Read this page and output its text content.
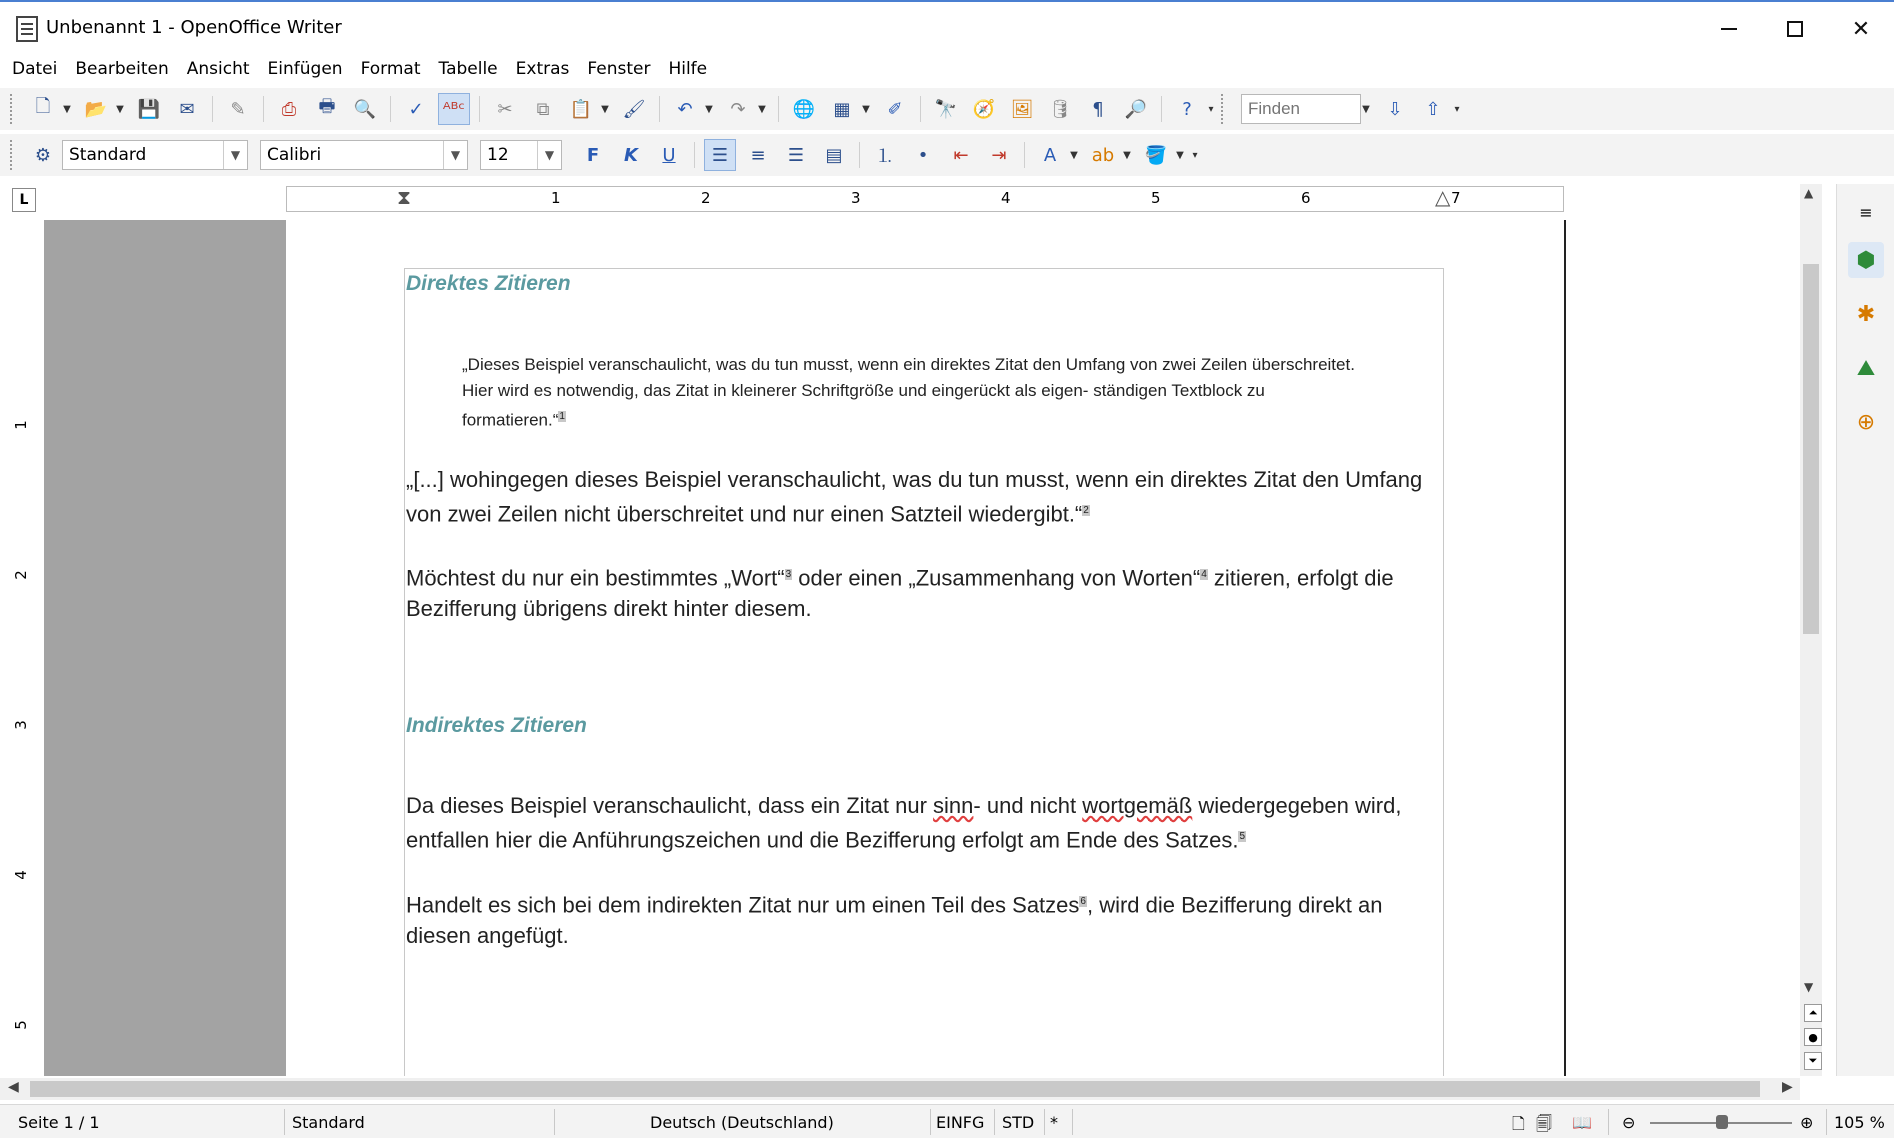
Unbenannt 1 - OpenOffice Writer	✕
Datei Bearbeiten Ansicht Einfügen Format Tabelle Extras Fenster Hilfe
🗋	▼ 📂 ▼ 💾	✉	✎	⎙	🖶	🔍	✓	ᴬᴮᶜ	✂	⧉	📋 ▼ 🖌	↶	▼ ↷	▼ 🌐	▦	▼ ✐	🔭 🧭 🖼 🛢	¶	🔎	?	▾
Finden	▼ ⇩	⇧	▾
⚙	Standard	▼	Calibri	▼	12	▼	F	K	U	☰	≡	☰	▤	⒈	•	⇤	⇥	A	▼ ab ▼ 🪣 ▼ ▾
L	1	2	3	4	5	6	7
⧗	△
1
2
3
4
5
Direktes Zitieren
„Dieses Beispiel veranschaulicht, was du tun musst, wenn ein direktes Zitat den Umfang von zwei Zeilen überschreitet. Hier wird es notwendig, das Zitat in kleinerer Schriftgröße und eingerückt als eigen- ständigen Textblock zu formatieren.“$^1$
„[...] wohingegen dieses Beispiel veranschaulicht, was du tun musst, wenn ein direktes Zitat den Umfang von zwei Zeilen nicht überschreitet und nur einen Satzteil wiedergibt.“$^2$
Möchtest du nur ein bestimmtes „Wort“$^3$ oder einen „Zusammenhang von Worten“$^4$ zitieren, erfolgt die Bezifferung übrigens direkt hinter diesem.
Indirektes Zitieren
Da dieses Beispiel veranschaulicht, dass ein Zitat nur sinn- und nicht wortgemäß wiedergegeben wird, entfallen hier die Anführungszeichen und die Bezifferung erfolgt am Ende des Satzes.$^5$
Handelt es sich bei dem indirekten Zitat nur um einen Teil des Satzes$^6$, wird die Bezifferung direkt an diesen angefügt.
▲
▼
⏶
●
⏷
≡
⬢
✱
⛰
⊕
◀	▶
Seite 1 / 1	Standard	Deutsch (Deutschland)	EINFG STD *	🗋 🗐 📖 ⊖	⊕ 105 %
